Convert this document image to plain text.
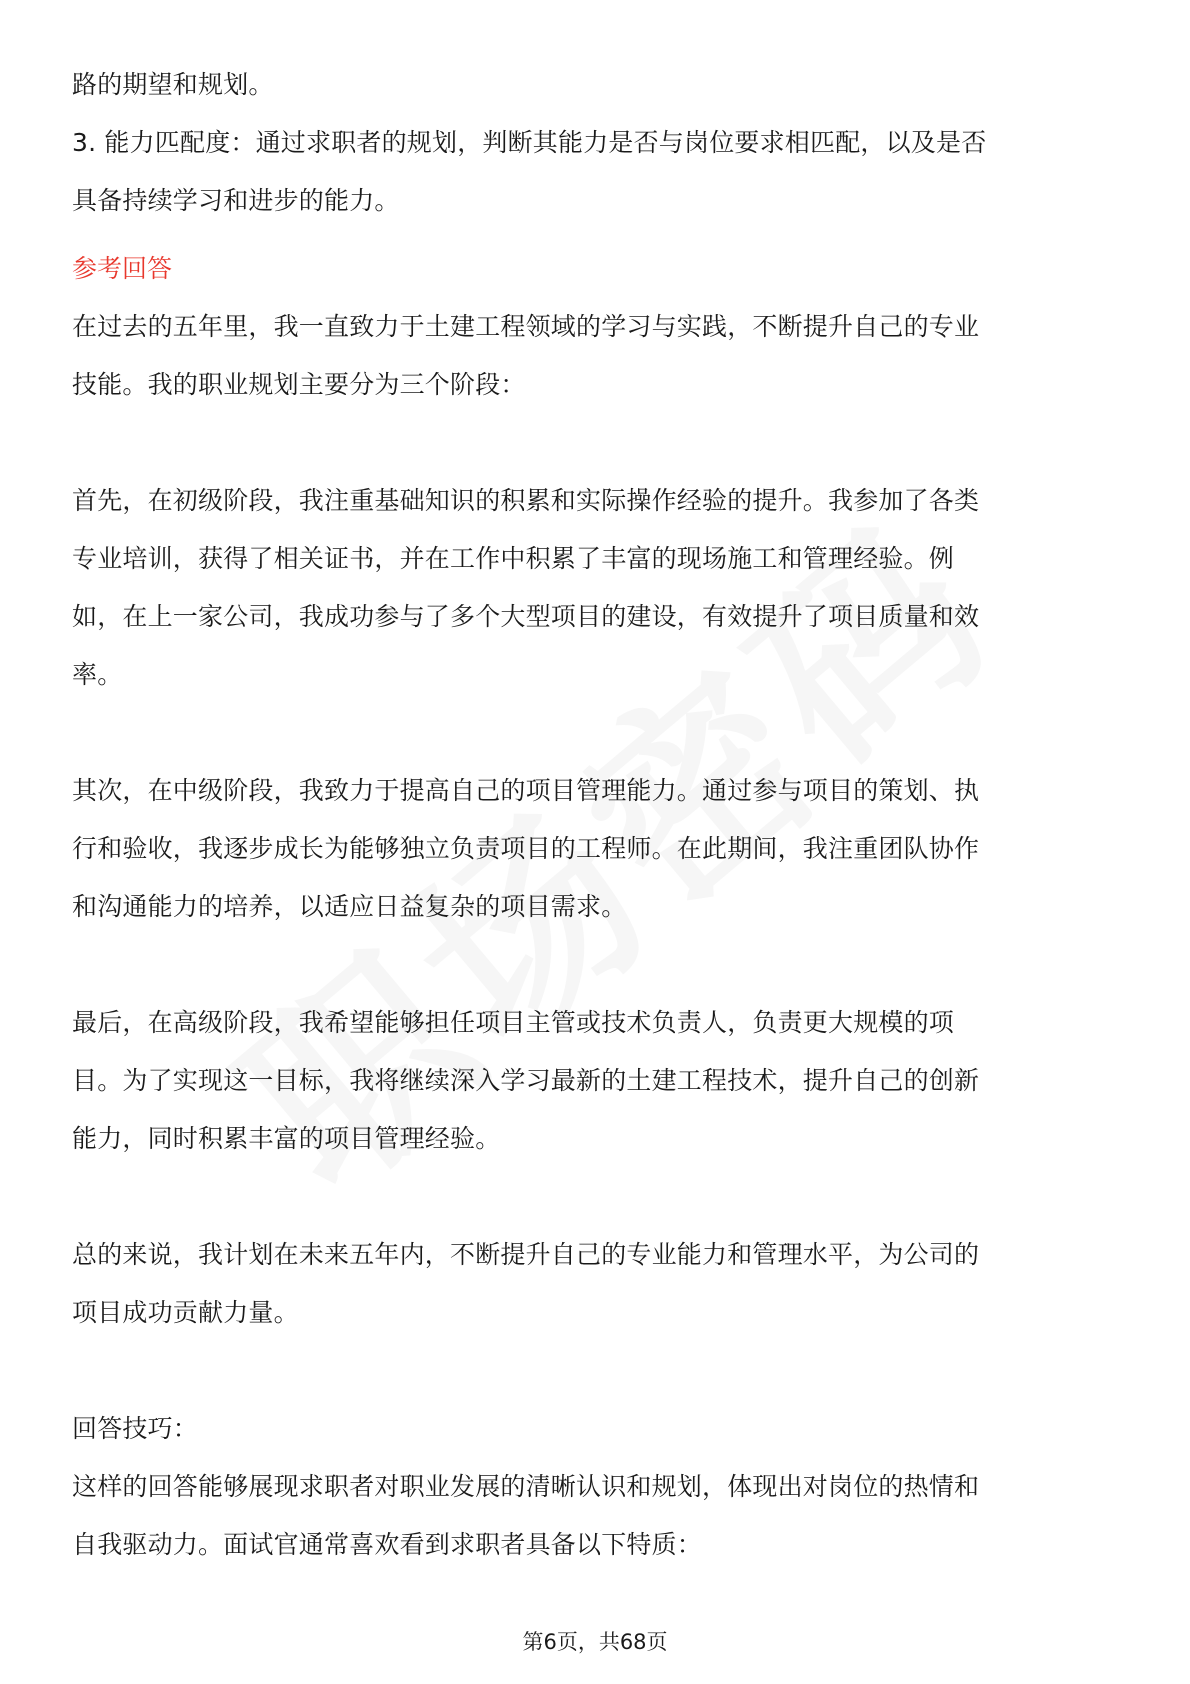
路的期望和规划。
3. 能力匹配度：通过求职者的规划，判断其能力是否与岗位要求相匹配，以及是否
具备持续学习和进步的能力。
参考回答
在过去的五年里，我一直致力于土建工程领域的学习与实践，不断提升自己的专业
技能。我的职业规划主要分为三个阶段：
首先，在初级阶段，我注重基础知识的积累和实际操作经验的提升。我参加了各类
专业培训，获得了相关证书，并在工作中积累了丰富的现场施工和管理经验。例
如，在上一家公司，我成功参与了多个大型项目的建设，有效提升了项目质量和效
率。
其次，在中级阶段，我致力于提高自己的项目管理能力。通过参与项目的策划、执
行和验收，我逐步成长为能够独立负责项目的工程师。在此期间，我注重团队协作
和沟通能力的培养，以适应日益复杂的项目需求。
最后，在高级阶段，我希望能够担任项目主管或技术负责人，负责更大规模的项
目。为了实现这一目标，我将继续深入学习最新的土建工程技术，提升自己的创新
能力，同时积累丰富的项目管理经验。
总的来说，我计划在未来五年内，不断提升自己的专业能力和管理水平，为公司的
项目成功贡献力量。
回答技巧：
这样的回答能够展现求职者对职业发展的清晰认识和规划，体现出对岗位的热情和
自我驱动力。面试官通常喜欢看到求职者具备以下特质：
第6页，共68页
